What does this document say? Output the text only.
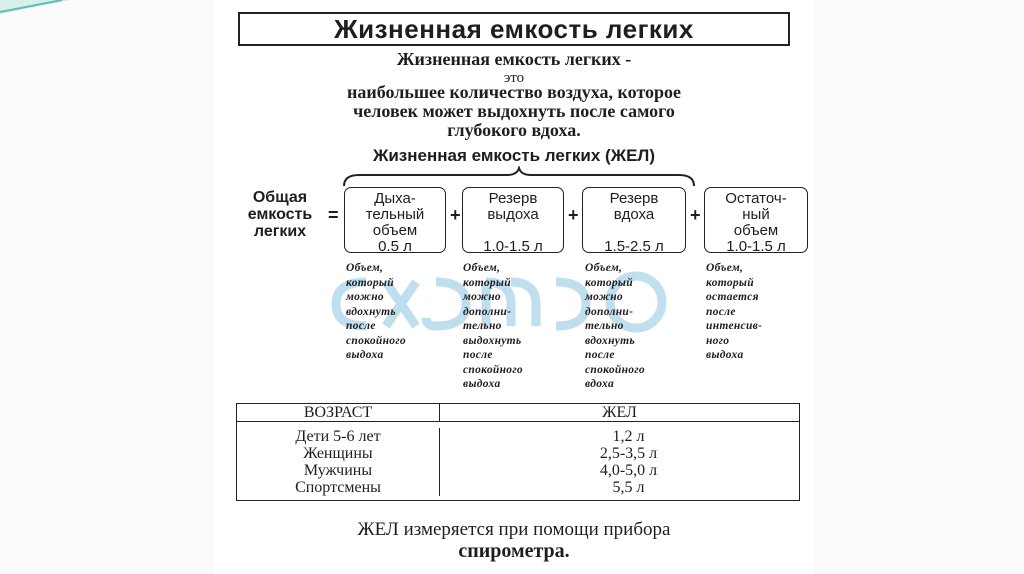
Жизненная емкость легких
Жизненная емкость легких -
это
наибольшее количество воздуха, которое
человек может выдохнуть после самого
глубокого вдоха.
Жизненная емкость легких (ЖЕЛ)
Общая
емкость
легких
=
Дыха-
тельный
объем
0.5 л
+
Резерв
выдоха
1.0-1.5 л
+
Резерв
вдоха
1.5-2.5 л
+
Остаточ-
ный
объем
1.0-1.5 л
Объем,
который
можно
вдохнуть
после
спокойного
выдоха
Объем,
который
можно
дополни-
тельно
выдохнуть
после
спокойного
выдоха
Объем,
который
можно
дополни-
тельно
вдохнуть
после
спокойного
вдоха
Объем,
который
остается
после
интенсив-
ного
выдоха
ВОЗРАСТ	ЖЕЛ
Дети 5-6 лет
Женщины
Мужчины
Спортсмены
1,2 л
2,5-3,5 л
4,0-5,0 л
5,5 л
ЖЕЛ измеряется при помощи прибора
спирометра.
